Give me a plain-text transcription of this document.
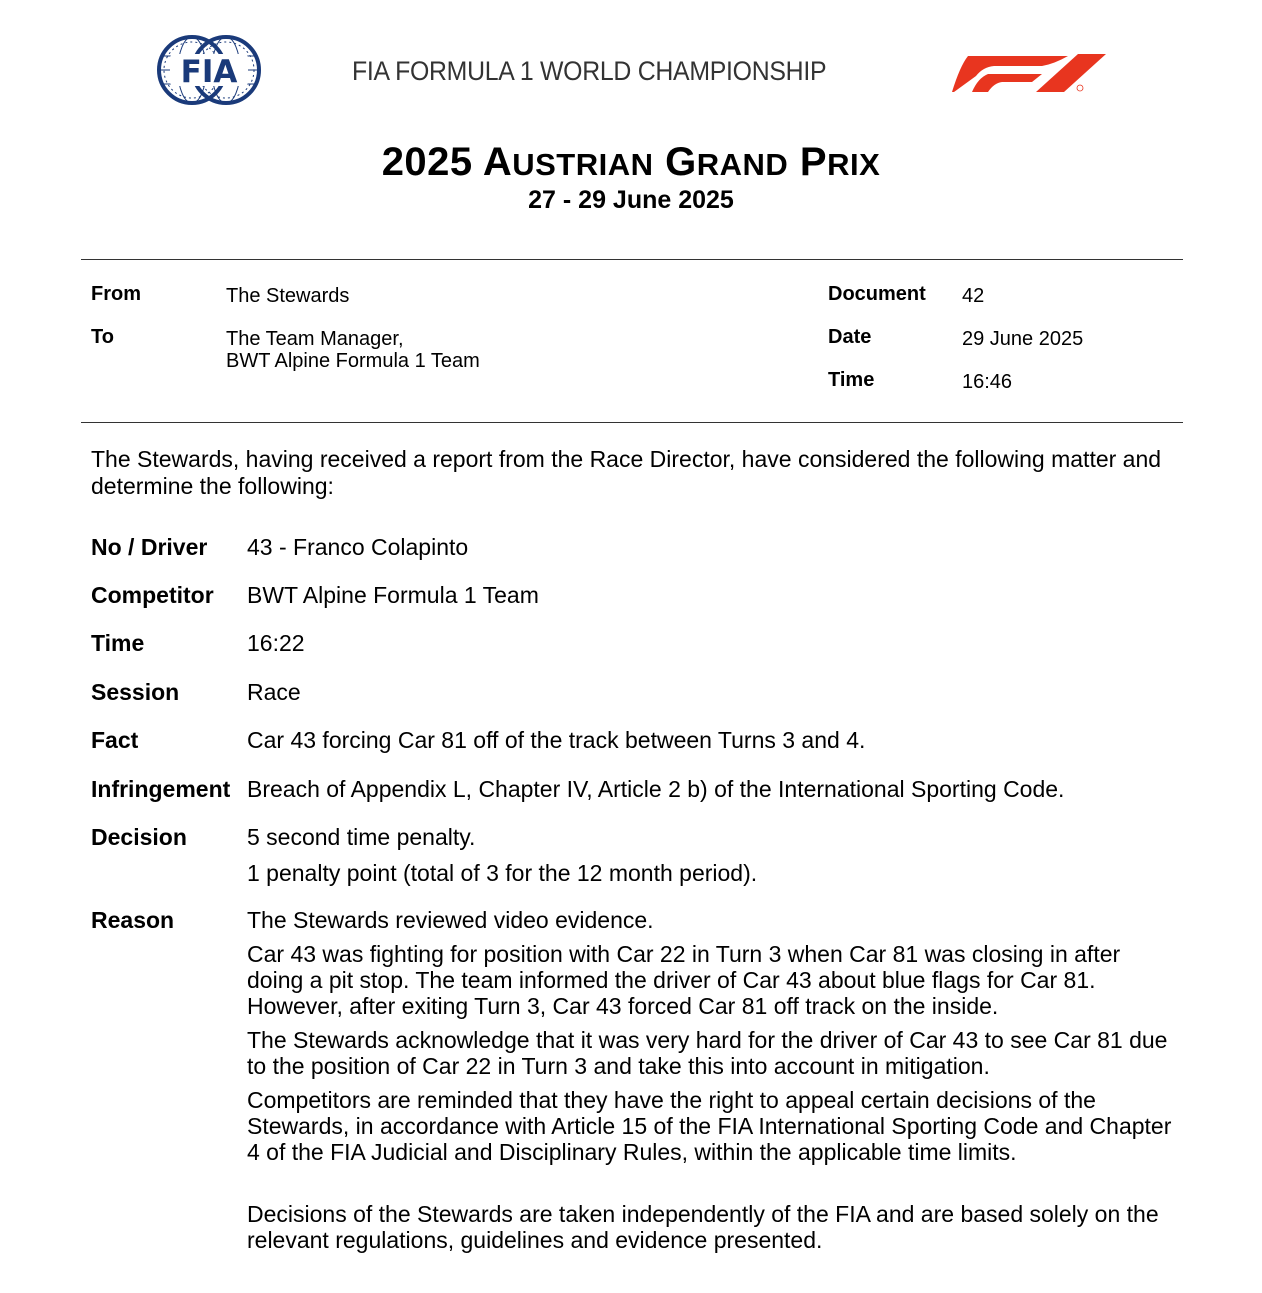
FIA	FIA FORMULA 1 WORLD CHAMPIONSHIP
2025 AUSTRIAN GRAND PRIX
27 - 29 June 2025
From	The Stewards
To	The Team Manager,
BWT Alpine Formula 1 Team
Document 42
Date	29 June 2025
Time	16:46
The Stewards, having received a report from the Race Director, have considered the following matter and determine the following:
No / Driver 43 - Franco Colapinto
Competitor BWT Alpine Formula 1 Team
Time	16:22
Session	Race
Fact	Car 43 forcing Car 81 off of the track between Turns 3 and 4.
Infringement Breach of Appendix L, Chapter IV, Article 2 b) of the International Sporting Code.
Decision	5 second time penalty.
1 penalty point (total of 3 for the 12 month period).
Reason	The Stewards reviewed video evidence.

Car 43 was fighting for position with Car 22 in Turn 3 when Car 81 was closing in after doing a pit stop. The team informed the driver of Car 43 about blue flags for Car 81. However, after exiting Turn 3, Car 43 forced Car 81 off track on the inside.

The Stewards acknowledge that it was very hard for the driver of Car 43 to see Car 81 due to the position of Car 22 in Turn 3 and take this into account in mitigation.

Competitors are reminded that they have the right to appeal certain decisions of the Stewards, in accordance with Article 15 of the FIA International Sporting Code and Chapter 4 of the FIA Judicial and Disciplinary Rules, within the applicable time limits.

Decisions of the Stewards are taken independently of the FIA and are based solely on the relevant regulations, guidelines and evidence presented.
